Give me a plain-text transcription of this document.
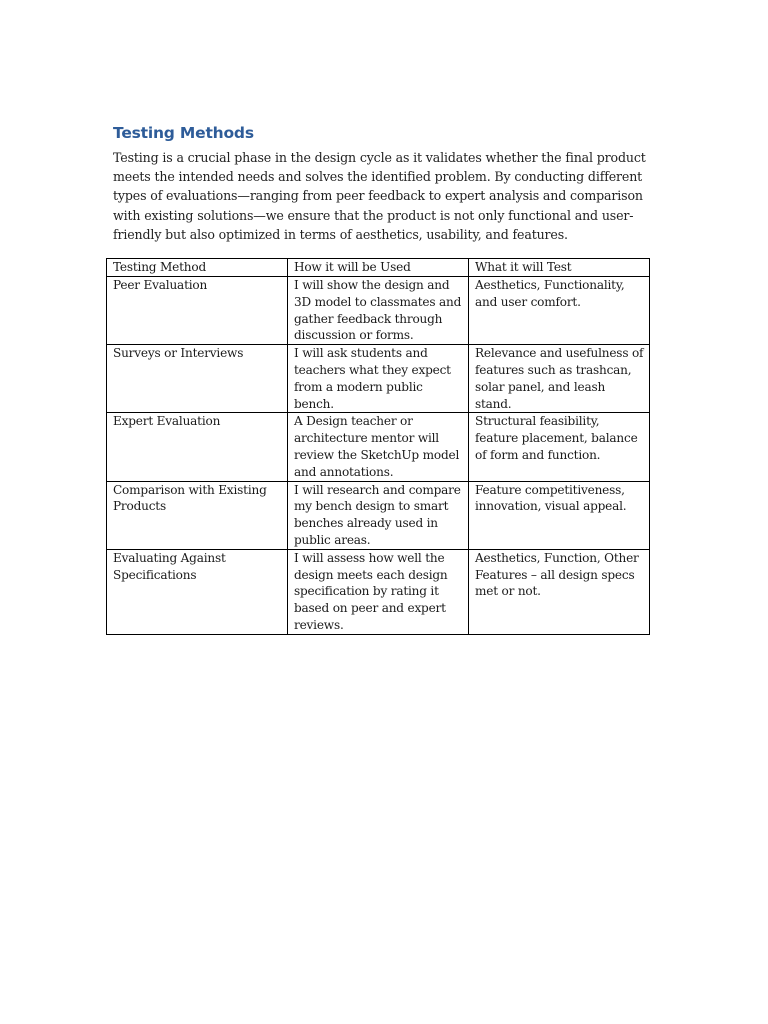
Testing Methods

Testing is a crucial phase in the design cycle as it validates whether the final product meets the intended needs and solves the identified problem. By conducting different types of evaluations—ranging from peer feedback to expert analysis and comparison with existing solutions—we ensure that the product is not only functional and user-friendly but also optimized in terms of aesthetics, usability, and features.

Testing Method	How it will be Used	What it will Test
Peer Evaluation	I will show the design and 3D model to classmates and gather feedback through discussion or forms.	Aesthetics, Functionality, and user comfort.
Surveys or Interviews	I will ask students and teachers what they expect from a modern public bench.	Relevance and usefulness of features such as trashcan, solar panel, and leash stand.
Expert Evaluation	A Design teacher or architecture mentor will review the SketchUp model and annotations.	Structural feasibility, feature placement, balance of form and function.
Comparison with Existing Products	I will research and compare my bench design to smart benches already used in public areas.	Feature competitiveness, innovation, visual appeal.
Evaluating Against Specifications	I will assess how well the design meets each design specification by rating it based on peer and expert reviews.	Aesthetics, Function, Other Features – all design specs met or not.
